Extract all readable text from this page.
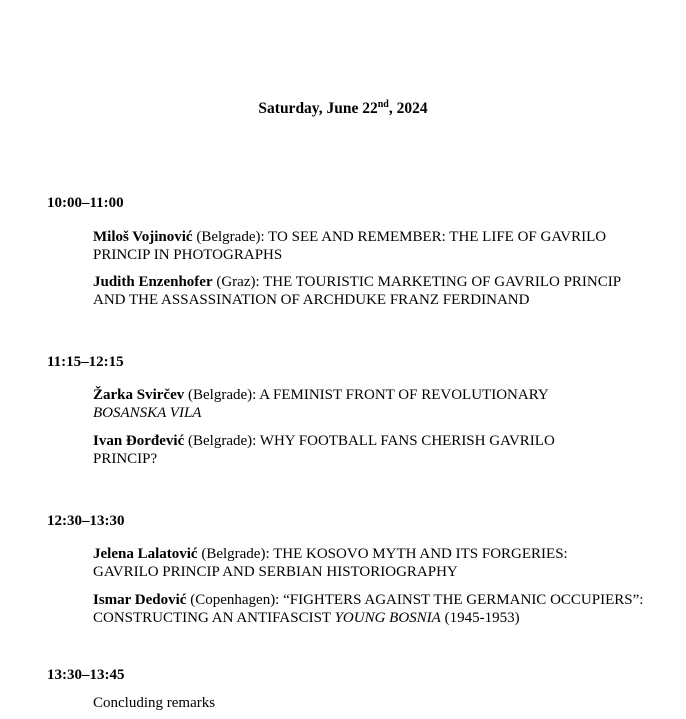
Saturday, June 22nd, 2024
10:00–11:00
Miloš Vojinović (Belgrade): TO SEE AND REMEMBER: THE LIFE OF GAVRILO PRINCIP IN PHOTOGRAPHS
Judith Enzenhofer (Graz): THE TOURISTIC MARKETING OF GAVRILO PRINCIP AND THE ASSASSINATION OF ARCHDUKE FRANZ FERDINAND
11:15–12:15
Žarka Svirčev (Belgrade): A FEMINIST FRONT OF REVOLUTIONARY BOSANSKA VILA
Ivan Đorđević (Belgrade): WHY FOOTBALL FANS CHERISH GAVRILO PRINCIP?
12:30–13:30
Jelena Lalatović (Belgrade): THE KOSOVO MYTH AND ITS FORGERIES: GAVRILO PRINCIP AND SERBIAN HISTORIOGRAPHY
Ismar Dedović (Copenhagen): “FIGHTERS AGAINST THE GERMANIC OCCUPIERS”: CONSTRUCTING AN ANTIFASCIST YOUNG BOSNIA (1945-1953)
13:30–13:45
Concluding remarks
